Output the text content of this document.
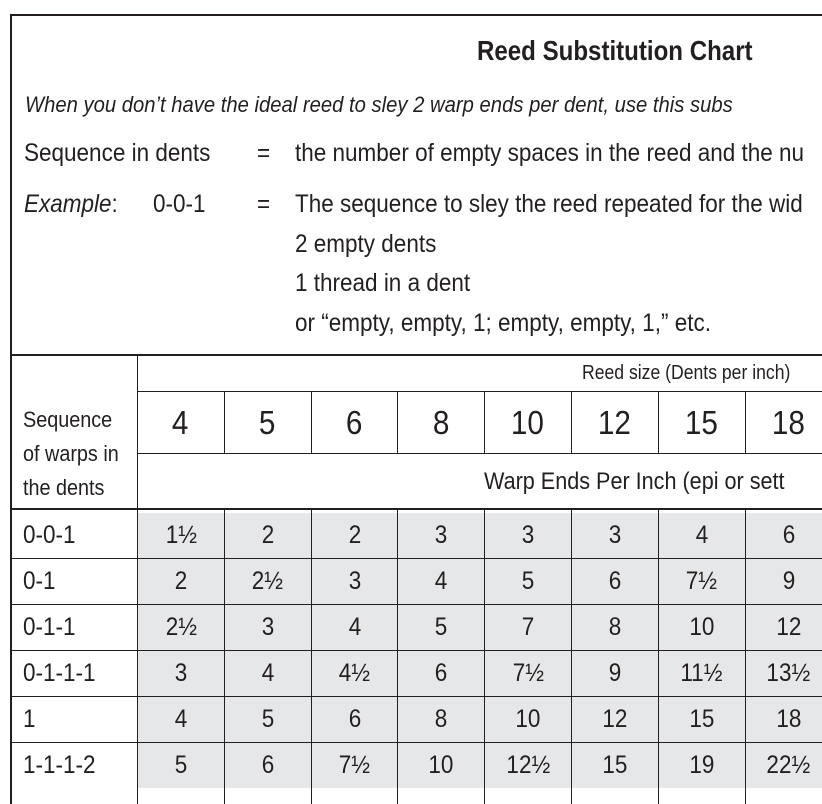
Reed Substitution Chart
When you don’t have the ideal reed to sley 2 warp ends per dent, use this subs
Sequence in dents = the number of empty spaces in the reed and the nu
Example: 0-0-1 = The sequence to sley the reed repeated for the wid
2 empty dents
1 thread in a dent
or “empty, empty, 1; empty, empty, 1,” etc.
Reed size (Dents per inch)
Sequence
of warps in
the dents
4 5 6 8 10 12 15 18
Warp Ends Per Inch (epi or sett
0-0-1	1½	2	2	3	3	3	4	6
0-1	2	2½	3	4	5	6	7½	9
0-1-1	2½	3	4	5	7	8	10 12
0-1-1-1	3	4	4½	6	7½	9 11½ 13½
1	4	5	6	8	10 12 15 18
1-1-1-2	5	6	7½ 10 12½ 15 19 22½
